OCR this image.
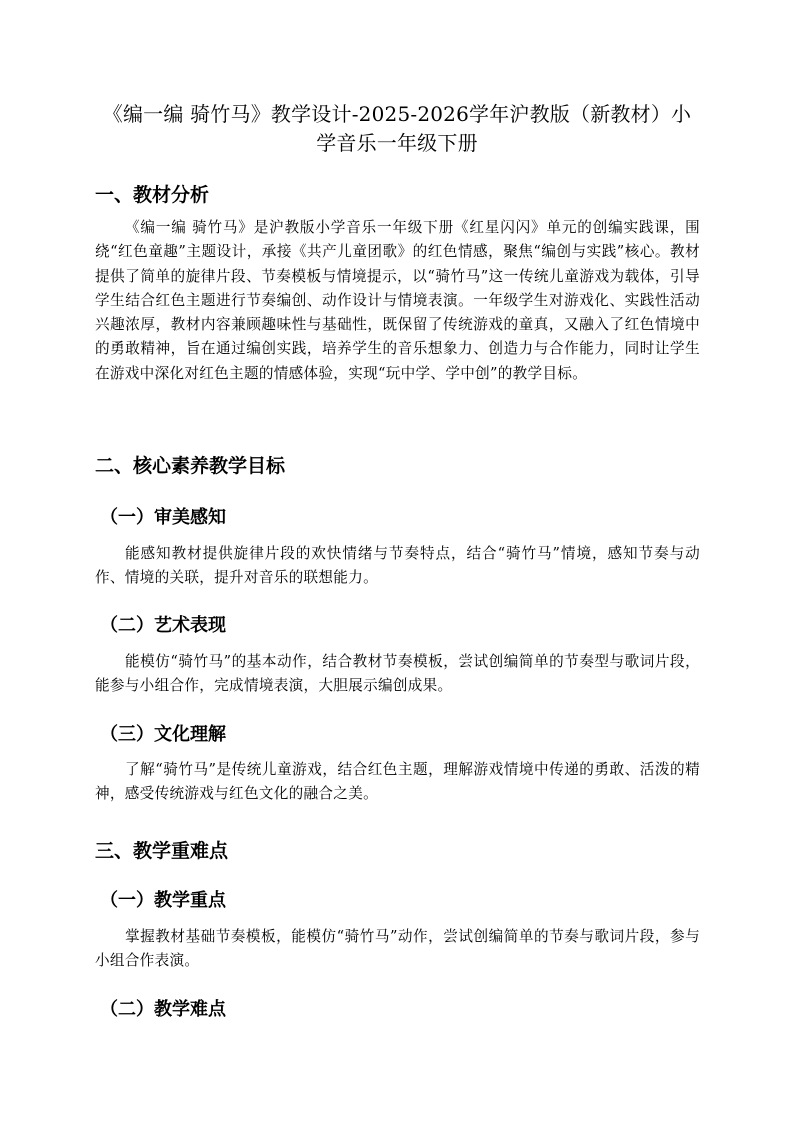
《编一编 骑竹马》教学设计-2025-2026学年沪教版（新教材）小学音乐一年级下册
一、教材分析

《编一编 骑竹马》是沪教版小学音乐一年级下册《红星闪闪》单元的创编实践课，围绕“红色童趣”主题设计，承接《共产儿童团歌》的红色情感，聚焦“编创与实践”核心。教材提供了简单的旋律片段、节奏模板与情境提示，以“骑竹马”这一传统儿童游戏为载体，引导学生结合红色主题进行节奏编创、动作设计与情境表演。一年级学生对游戏化、实践性活动兴趣浓厚，教材内容兼顾趣味性与基础性，既保留了传统游戏的童真，又融入了红色情境中的勇敢精神，旨在通过编创实践，培养学生的音乐想象力、创造力与合作能力，同时让学生在游戏中深化对红色主题的情感体验，实现“玩中学、学中创”的教学目标。

二、核心素养教学目标
（一）审美感知

能感知教材提供旋律片段的欢快情绪与节奏特点，结合“骑竹马”情境，感知节奏与动作、情境的关联，提升对音乐的联想能力。

（二）艺术表现

能模仿“骑竹马”的基本动作，结合教材节奏模板，尝试创编简单的节奏型与歌词片段，能参与小组合作，完成情境表演，大胆展示编创成果。

（三）文化理解

了解“骑竹马”是传统儿童游戏，结合红色主题，理解游戏情境中传递的勇敢、活泼的精神，感受传统游戏与红色文化的融合之美。

三、教学重难点
（一）教学重点

掌握教材基础节奏模板，能模仿“骑竹马”动作，尝试创编简单的节奏与歌词片段，参与小组合作表演。

（二）教学难点
